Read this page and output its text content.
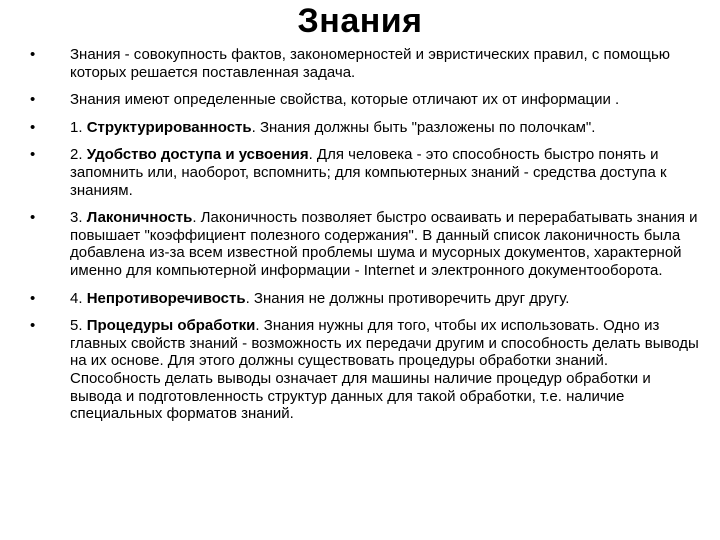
Знания
• Знания - совокупность фактов, закономерностей и эвристических правил, с помощью которых решается поставленная задача.
• Знания имеют определенные свойства, которые отличают их от информации .
• 1. Структурированность. Знания должны быть "разложены по полочкам".
• 2. Удобство доступа и усвоения. Для человека - это способность быстро понять и запомнить или, наоборот, вспомнить; для компьютерных знаний - средства доступа к знаниям.
• 3. Лаконичность. Лаконичность позволяет быстро осваивать и перерабатывать знания и повышает "коэффициент полезного содержания". В данный список лаконичность была добавлена из-за всем известной проблемы шума и мусорных документов, характерной именно для компьютерной информации - Internet и электронного документооборота.
• 4. Непротиворечивость. Знания не должны противоречить друг другу.
• 5. Процедуры обработки. Знания нужны для того, чтобы их использовать. Одно из главных свойств знаний - возможность их передачи другим и способность делать выводы на их основе. Для этого должны существовать процедуры обработки знаний. Способность делать выводы означает для машины наличие процедур обработки и вывода и подготовленность структур данных для такой обработки, т.е. наличие специальных форматов знаний.
